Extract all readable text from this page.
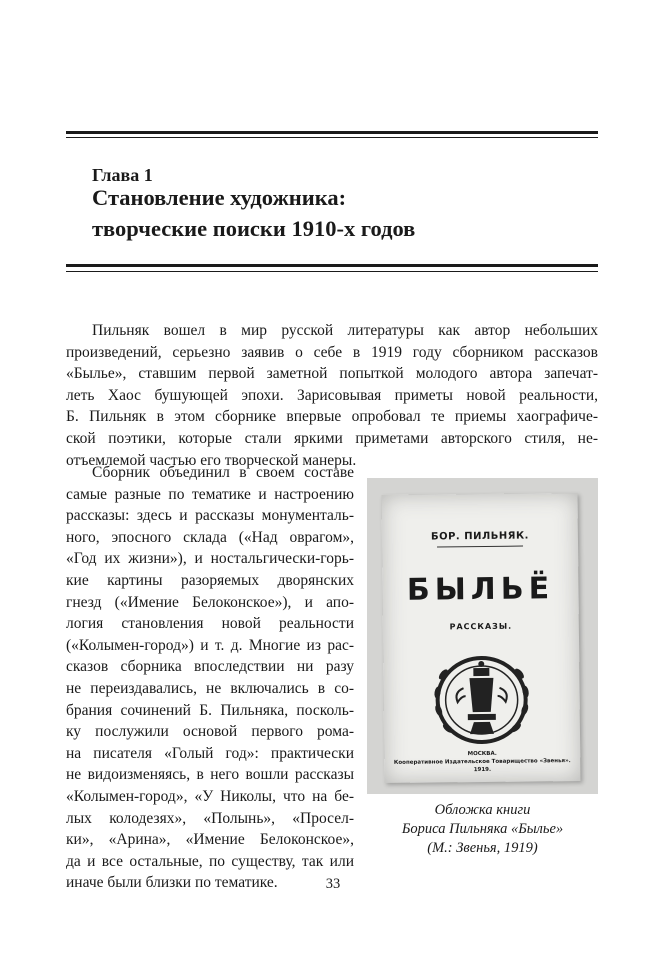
Глава 1

Становление художника:
творческие поиски 1910-х годов
Пильняк вошел в мир русской литературы как автор небольших
произведений, серьезно заявив о себе в 1919 году сборником рассказов
«Былье», ставшим первой заметной попыткой молодого автора запечат-
леть Хаос бушующей эпохи. Зарисовывая приметы новой реальности,
Б. Пильняк в этом сборнике впервые опробовал те приемы хаографиче-
ской поэтики, которые стали яркими приметами авторского стиля, не-
отъемлемой частью его творческой манеры.
Сборник объединил в своем составе
самые разные по тематике и настроению
рассказы: здесь и рассказы монументаль-
ного, эпосного склада («Над оврагом»,
«Год их жизни»), и ностальгически-горь-
кие картины разоряемых дворянских
гнезд («Имение Белоконское»), и апо-
логия становления новой реальности
(«Колымен-город») и т. д. Многие из рас-
сказов сборника впоследствии ни разу
не переиздавались, не включались в со-
брания сочинений Б. Пильняка, посколь-
ку послужили основой первого рома-
на писателя «Голый год»: практически
не видоизменяясь, в него вошли рассказы
«Колымен-город», «У Николы, что на бе-
лых колодезях», «Полынь», «Просел-
ки», «Арина», «Имение Белоконское»,
да и все остальные, по существу, так или
иначе были близки по тематике.
БОР. ПИЛЬНЯК.
БЫЛЬЁ
РАССКАЗЫ.
МОСКВА.
Кооперативное Издательское Товарищество «Звенья».
1919.
Обложка книги
Бориса Пильняка «Былье»
(М.: Звенья, 1919)
33
